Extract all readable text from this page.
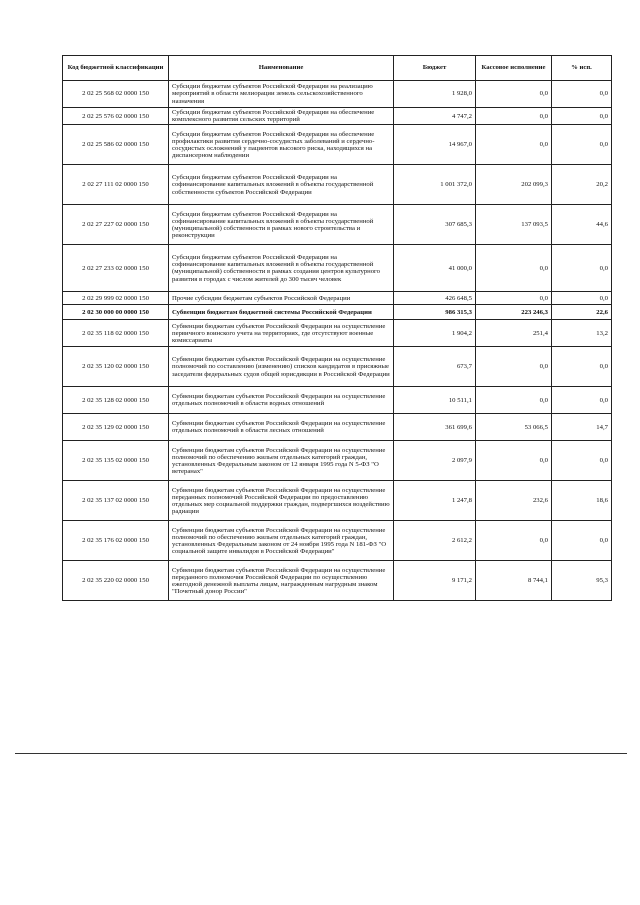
Код бюджетной классификации	Наименование	Бюджет	Кассовое исполнение	% исп.
2 02 25 568 02 0000 150	Субсидии бюджетам субъектов Российской Федерации на реализацию мероприятий в области мелиорации земель сельскохозяйственного назначения	1 928,0	0,0	0,0
2 02 25 576 02 0000 150	Субсидии бюджетам субъектов Российской Федерации на обеспечение комплексного развития сельских территорий	4 747,2	0,0	0,0
2 02 25 586 02 0000 150	Субсидии бюджетам субъектов Российской Федерации на обеспечение профилактики развития сердечно-сосудистых заболеваний и сердечно-сосудистых осложнений у пациентов высокого риска, находящихся на диспансерном наблюдении	14 967,0	0,0	0,0
2 02 27 111 02 0000 150	Субсидии бюджетам субъектов Российской Федерации на софинансирование капитальных вложений в объекты государственной собственности субъектов Российской Федерации	1 001 372,0	202 099,3	20,2
2 02 27 227 02 0000 150	Субсидии бюджетам субъектов Российской Федерации на софинансирование капитальных вложений в объекты государственной (муниципальной) собственности в рамках нового строительства и реконструкции	307 685,3	137 093,5	44,6
2 02 27 233 02 0000 150	Субсидии бюджетам субъектов Российской Федерации на софинансирование капитальных вложений в объекты государственной (муниципальной) собственности в рамках создания центров культурного развития в городах с числом жителей до 300 тысяч человек	41 000,0	0,0	0,0
2 02 29 999 02 0000 150	Прочие субсидии бюджетам субъектов Российской Федерации	426 648,5	0,0	0,0
2 02 30 000 00 0000 150	Субвенции бюджетам бюджетной системы Российской Федерации	986 315,3	223 246,3	22,6
2 02 35 118 02 0000 150	Субвенции бюджетам субъектов Российской Федерации на осуществление первичного воинского учета на территориях, где отсутствуют военные комиссариаты	1 904,2	251,4	13,2
2 02 35 120 02 0000 150	Субвенции бюджетам субъектов Российской Федерации на осуществление полномочий по составлению (изменению) списков кандидатов в присяжные заседатели федеральных судов общей юрисдикции в Российской Федерации	673,7	0,0	0,0
2 02 35 128 02 0000 150	Субвенции бюджетам субъектов Российской Федерации на осуществление отдельных полномочий в области водных отношений	10 511,1	0,0	0,0
2 02 35 129 02 0000 150	Субвенции бюджетам субъектов Российской Федерации на осуществление отдельных полномочий в области лесных отношений	361 699,6	53 066,5	14,7
2 02 35 135 02 0000 150	Субвенции бюджетам субъектов Российской Федерации на осуществление полномочий по обеспечению жильем отдельных категорий граждан, установленных Федеральным законом от 12 января 1995 года N 5-ФЗ "О ветеранах"	2 097,9	0,0	0,0
2 02 35 137 02 0000 150	Субвенции бюджетам субъектов Российской Федерации на осуществление переданных полномочий Российской Федерации по предоставлению отдельных мер социальной поддержки граждан, подвергшихся воздействию радиации	1 247,8	232,6	18,6
2 02 35 176 02 0000 150	Субвенции бюджетам субъектов Российской Федерации на осуществление полномочий по обеспечению жильем отдельных категорий граждан, установленных Федеральным законом от 24 ноября 1995 года N 181-ФЗ "О социальной защите инвалидов в Российской Федерации"	2 612,2	0,0	0,0
2 02 35 220 02 0000 150	Субвенции бюджетам субъектов Российской Федерации на осуществление переданного полномочия Российской Федерации по осуществлению ежегодной денежной выплаты лицам, награжденным нагрудным знаком "Почетный донор России"	9 171,2	8 744,1	95,3
